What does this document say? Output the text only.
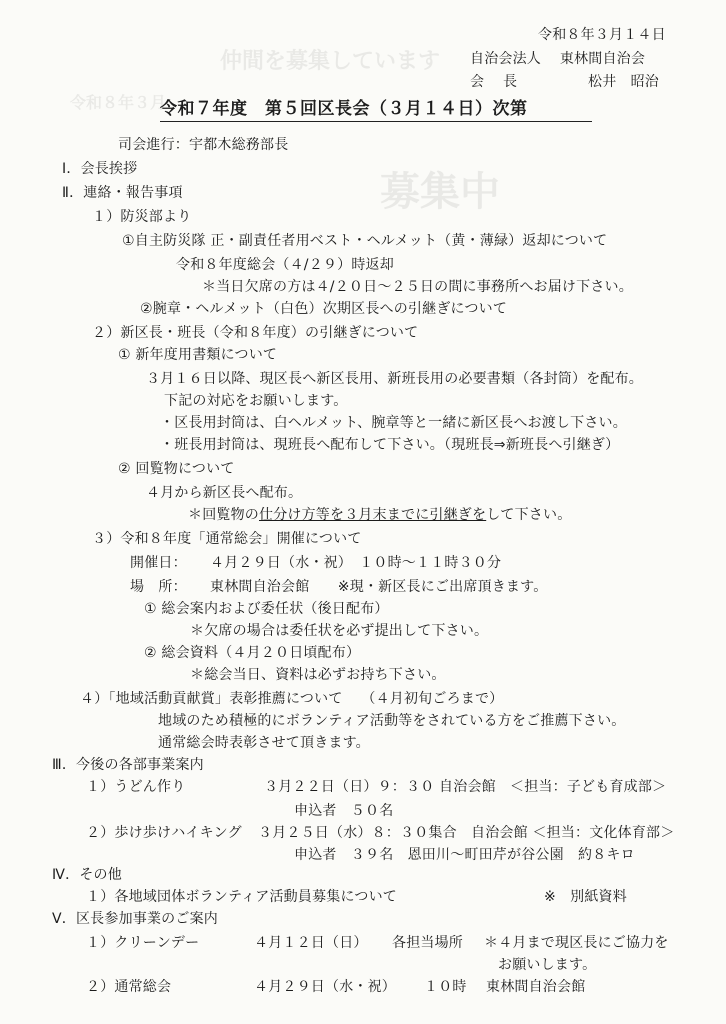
仲間を募集しています
募集中
令和８年３月
令和８年３月１４日
自治会法人　 東林間自治会
会　 長	松井　昭治
令和７年度　第５回区長会（３月１４日）次第
司会進行：宇都木総務部長
Ⅰ．会長挨拶
Ⅱ．連絡・報告事項
１）防災部より
①自主防災隊 正・副責任者用ベスト・ヘルメット（黄・薄緑）返却について
令和８年度総会（４/２９）時返却
＊当日欠席の方は４/２０日～２５日の間に事務所へお届け下さい。
②腕章・ヘルメット（白色）次期区長への引継ぎについて
２）新区長・班長（令和８年度）の引継ぎについて
① 新年度用書類について
３月１６日以降、現区長へ新区長用、新班長用の必要書類（各封筒）を配布。
下記の対応をお願いします。
・区長用封筒は、白ヘルメット、腕章等と一緒に新区長へお渡し下さい。
・班長用封筒は、現班長へ配布して下さい。（現班長⇒新班長へ引継ぎ）
② 回覧物について
４月から新区長へ配布。
＊回覧物の仕分け方等を３月末までに引継ぎをして下さい。
３）令和８年度「通常総会」開催について
開催日： ４月２９日（水・祝）　１０時～１１時３０分
場　所： 東林間自治会館　　※現・新区長にご出席頂きます。
① 総会案内および委任状（後日配布）
＊欠席の場合は委任状を必ず提出して下さい。
② 総会資料（４月２０日頃配布）
＊総会当日、資料は必ずお持ち下さい。
４）「地域活動貢献賞」表彰推薦について　 （４月初旬ごろまで）
地域のため積極的にボランティア活動等をされている方をご推薦下さい。
通常総会時表彰させて頂きます。
Ⅲ．今後の各部事業案内
１）うどん作り	３月２２日（日）９：３０ 自治会館　＜担当：子ども育成部＞
申込者　５０名
２）歩け歩けハイキング ３月２５日（水）８：３０集合　自治会館 ＜担当：文化体育部＞
申込者　３９名　恩田川～町田芹が谷公園　約８キロ
Ⅳ．その他
１）各地域団体ボランティア活動員募集について	※　別紙資料
Ⅴ．区長参加事業のご案内
１）クリーンデー	４月１２日（日） 各担当場所 ＊４月まで現区長にご協力を
お願いします。
２）通常総会	４月２９日（水・祝） １０時 東林間自治会館
